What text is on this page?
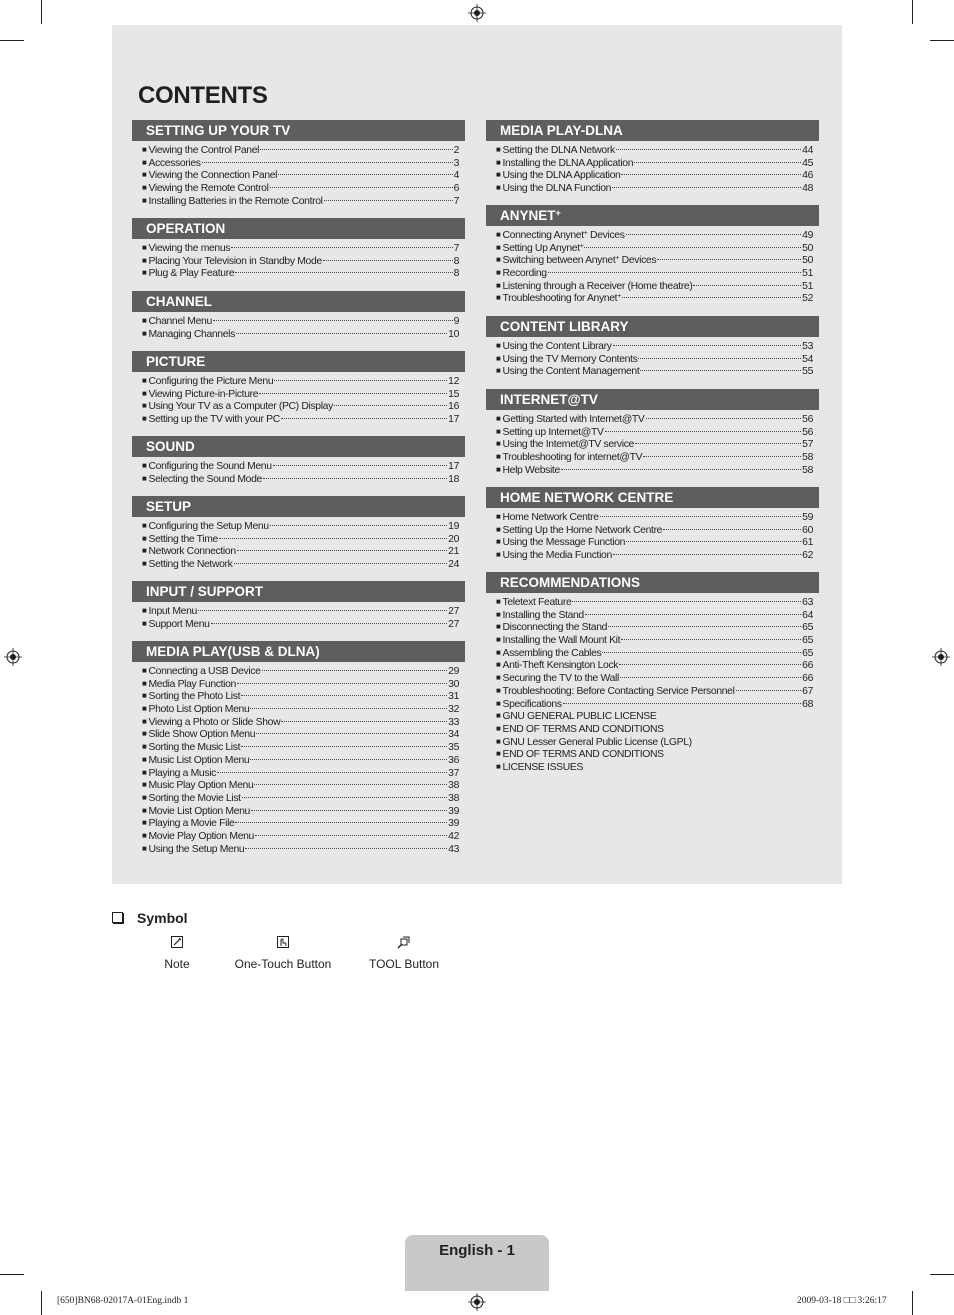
CONTENTS
SETTING UP YOUR TV
■ Viewing the Control Panel	2
■ Accessories	3
■ Viewing the Connection Panel	4
■ Viewing the Remote Control	6
■ Installing Batteries in the Remote Control	7
OPERATION
■ Viewing the menus	7
■ Placing Your Television in Standby Mode	8
■ Plug & Play Feature	8
CHANNEL
■ Channel Menu	9
■ Managing Channels	10
PICTURE
■ Configuring the Picture Menu	12
■ Viewing Picture-in-Picture	15
■ Using Your TV as a Computer (PC) Display	16
■ Setting up the TV with your PC	17
SOUND
■ Configuring the Sound Menu	17
■ Selecting the Sound Mode	18
SETUP
■ Configuring the Setup Menu	19
■ Setting the Time	20
■ Network Connection	21
■ Setting the Network	24
INPUT / SUPPORT
■ Input Menu	27
■ Support Menu	27
MEDIA PLAY(USB & DLNA)
■ Connecting a USB Device	29
■ Media Play Function	30
■ Sorting the Photo List	31
■ Photo List Option Menu	32
■ Viewing a Photo or Slide Show	33
■ Slide Show Option Menu	34
■ Sorting the Music List	35
■ Music List Option Menu	36
■ Playing a Music	37
■ Music Play Option Menu	38
■ Sorting the Movie List	38
■ Movie List Option Menu	39
■ Playing a Movie File	39
■ Movie Play Option Menu	42
■ Using the Setup Menu	43
MEDIA PLAY-DLNA
■ Setting the DLNA Network	44
■ Installing the DLNA Application	45
■ Using the DLNA Application	46
■ Using the DLNA Function	48
ANYNET+
■ Connecting Anynet+ Devices	49
■ Setting Up Anynet+	50
■ Switching between Anynet+ Devices	50
■ Recording	51
■ Listening through a Receiver (Home theatre)	51
■ Troubleshooting for Anynet+	52
CONTENT LIBRARY
■ Using the Content Library	53
■ Using the TV Memory Contents	54
■ Using the Content Management	55
INTERNET@TV
■ Getting Started with Internet@TV	56
■ Setting up Internet@TV	56
■ Using the Internet@TV service	57
■ Troubleshooting for internet@TV	58
■ Help Website	58
HOME NETWORK CENTRE
■ Home Network Centre	59
■ Setting Up the Home Network Centre	60
■ Using the Message Function	61
■ Using the Media Function	62
RECOMMENDATIONS
■ Teletext Feature	63
■ Installing the Stand	64
■ Disconnecting the Stand	65
■ Installing the Wall Mount Kit	65
■ Assembling the Cables	65
■ Anti-Theft Kensington Lock	66
■ Securing the TV to the Wall	66
■ Troubleshooting: Before Contacting Service Personnel	67
■ Specifications	68
■ GNU GENERAL PUBLIC LICENSE
■ END OF TERMS AND CONDITIONS
■ GNU Lesser General Public License (LGPL)
■ END OF TERMS AND CONDITIONS
■ LICENSE ISSUES
Symbol
Note	One-Touch Button	TOOL Button
English - 1
[650]BN68-02017A-01Eng.indb 1	2009-03-18 □□ 3:26:17
